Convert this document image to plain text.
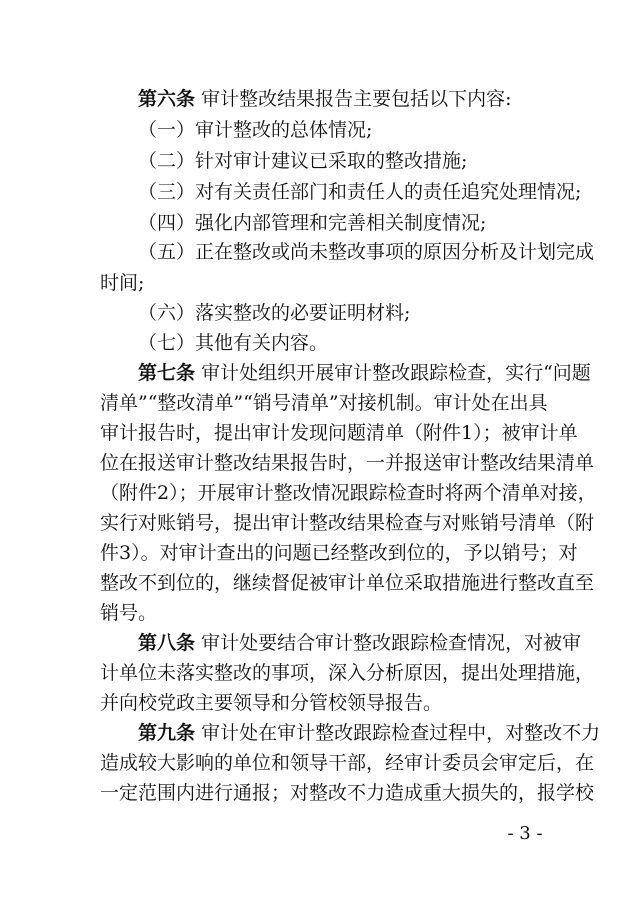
第六条 审计整改结果报告主要包括以下内容:
（一）审计整改的总体情况;
（二）针对审计建议已采取的整改措施;
（三）对有关责任部门和责任人的责任追究处理情况;
（四）强化内部管理和完善相关制度情况;
（五）正在整改或尚未整改事项的原因分析及计划完成
时间;
（六）落实整改的必要证明材料;
（七）其他有关内容。
第七条 审计处组织开展审计整改跟踪检查，实行“问题
清单”“整改清单”“销号清单”对接机制。审计处在出具
审计报告时，提出审计发现问题清单（附件1）；被审计单
位在报送审计整改结果报告时，一并报送审计整改结果清单
（附件2）；开展审计整改情况跟踪检查时将两个清单对接，
实行对账销号，提出审计整改结果检查与对账销号清单（附
件3）。对审计查出的问题已经整改到位的，予以销号；对
整改不到位的，继续督促被审计单位采取措施进行整改直至
销号。
第八条 审计处要结合审计整改跟踪检查情况，对被审
计单位未落实整改的事项，深入分析原因，提出处理措施，
并向校党政主要领导和分管校领导报告。
第九条 审计处在审计整改跟踪检查过程中，对整改不力
造成较大影响的单位和领导干部，经审计委员会审定后，在
一定范围内进行通报；对整改不力造成重大损失的，报学校
- 3 -
